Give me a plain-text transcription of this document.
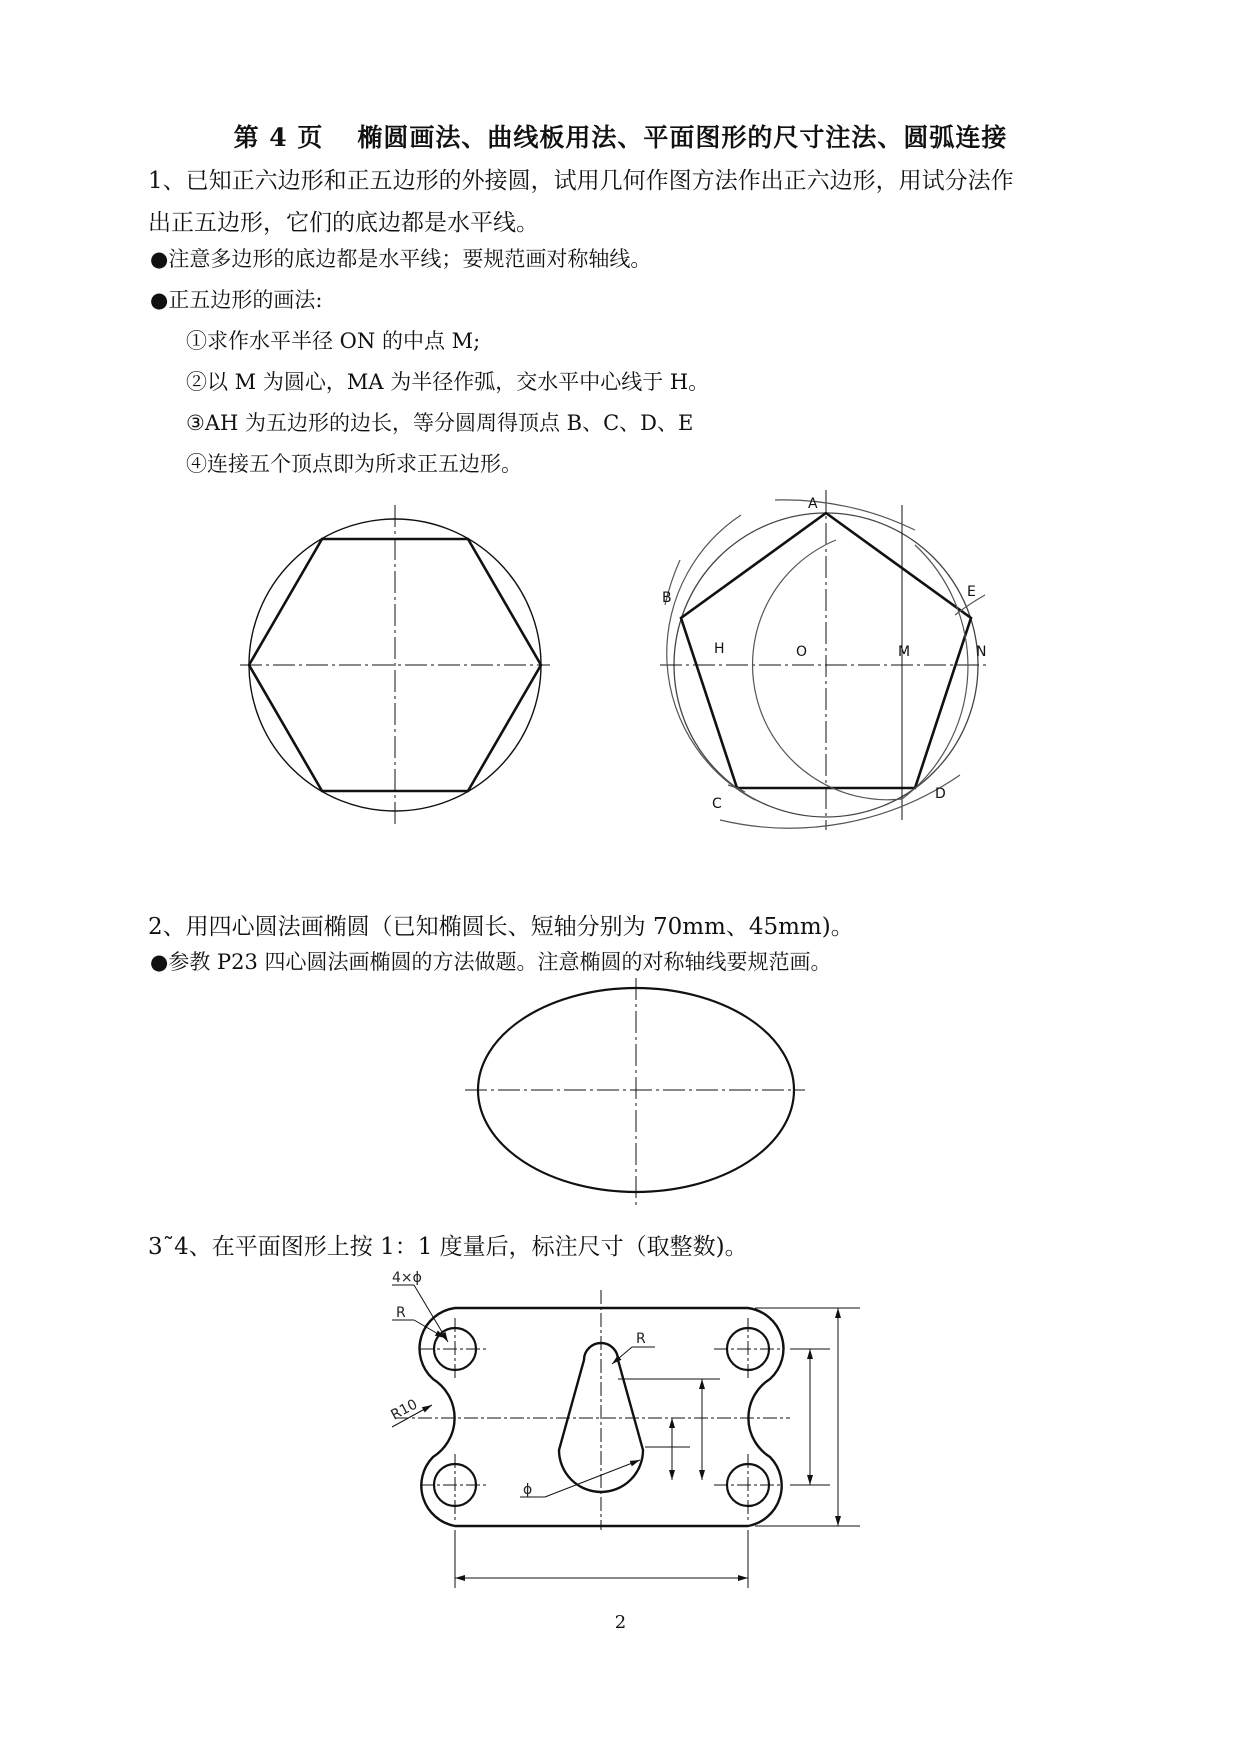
第 4 页 椭圆画法、曲线板用法、平面图形的尺寸注法、圆弧连接
1、已知正六边形和正五边形的外接圆，试用几何作图方法作出正六边形，用试分法作
出正五边形，它们的底边都是水平线。
●注意多边形的底边都是水平线；要规范画对称轴线。
●正五边形的画法:
①求作水平半径 ON 的中点 M;
②以 M 为圆心，MA 为半径作弧，交水平中心线于 H。
③AH 为五边形的边长，等分圆周得顶点 B、C、D、E
④连接五个顶点即为所求正五边形。
2、用四心圆法画椭圆（已知椭圆长、短轴分别为 70mm、45mm)。
●参教 P23 四心圆法画椭圆的方法做题。注意椭圆的对称轴线要规范画。
3˜4、在平面图形上按 1：1 度量后，标注尺寸（取整数)。
2
A
B
C
D
E
H	O	M	N
4×ϕ
R
R10
R
ϕ
